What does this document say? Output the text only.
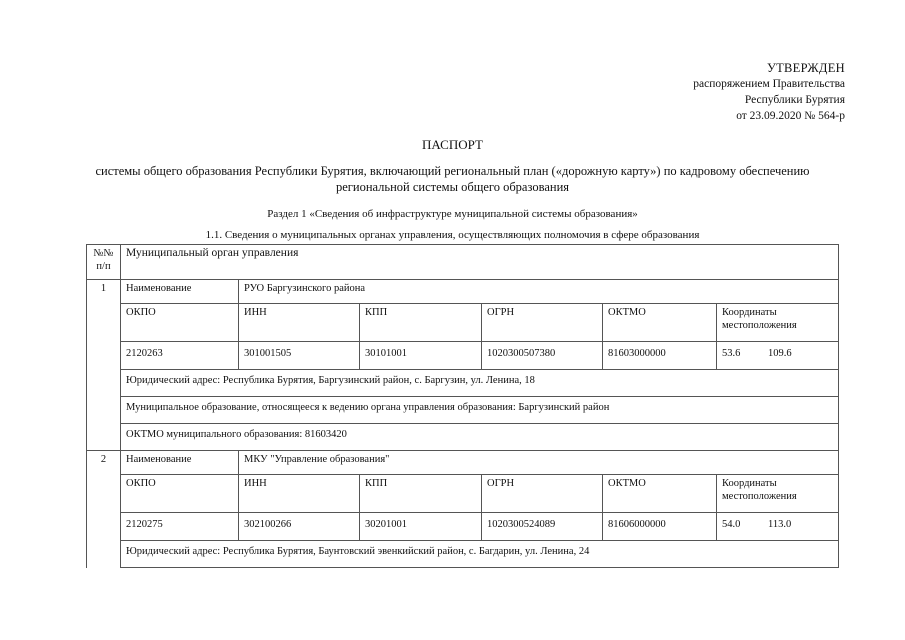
УТВЕРЖДЕН
распоряжением Правительства
Республики Бурятия
от 23.09.2020 № 564-р
ПАСПОРТ
системы общего образования Республики Бурятия, включающий региональный план («дорожную карту») по кадровому обеспечению
региональной системы общего образования
Раздел 1 «Сведения об инфраструктуре муниципальной системы образования»
1.1. Сведения о муниципальных органах управления, осуществляющих полномочия в сфере образования
№№ п/п	Муниципальный орган управления					
1	Наименование	РУО Баргузинского района				
	ОКПО	ИНН	КПП	ОГРН	ОКТМО	Координаты местоположения
	2120263	301001505	30101001	1020300507380	81603000000	53.6 109.6
	Юридический адрес: Республика Бурятия, Баргузинский район, с. Баргузин, ул. Ленина, 18					
	Муниципальное образование, относящееся к ведению органа управления образования: Баргузинский район					
	ОКТМО муниципального образования: 81603420					
2	Наименование	МКУ "Управление образования"				
	ОКПО	ИНН	КПП	ОГРН	ОКТМО	Координаты местоположения
	2120275	302100266	30201001	1020300524089	81606000000	54.0 113.0
	Юридический адрес: Республика Бурятия, Баунтовский эвенкийский район, с. Багдарин, ул. Ленина, 24					
